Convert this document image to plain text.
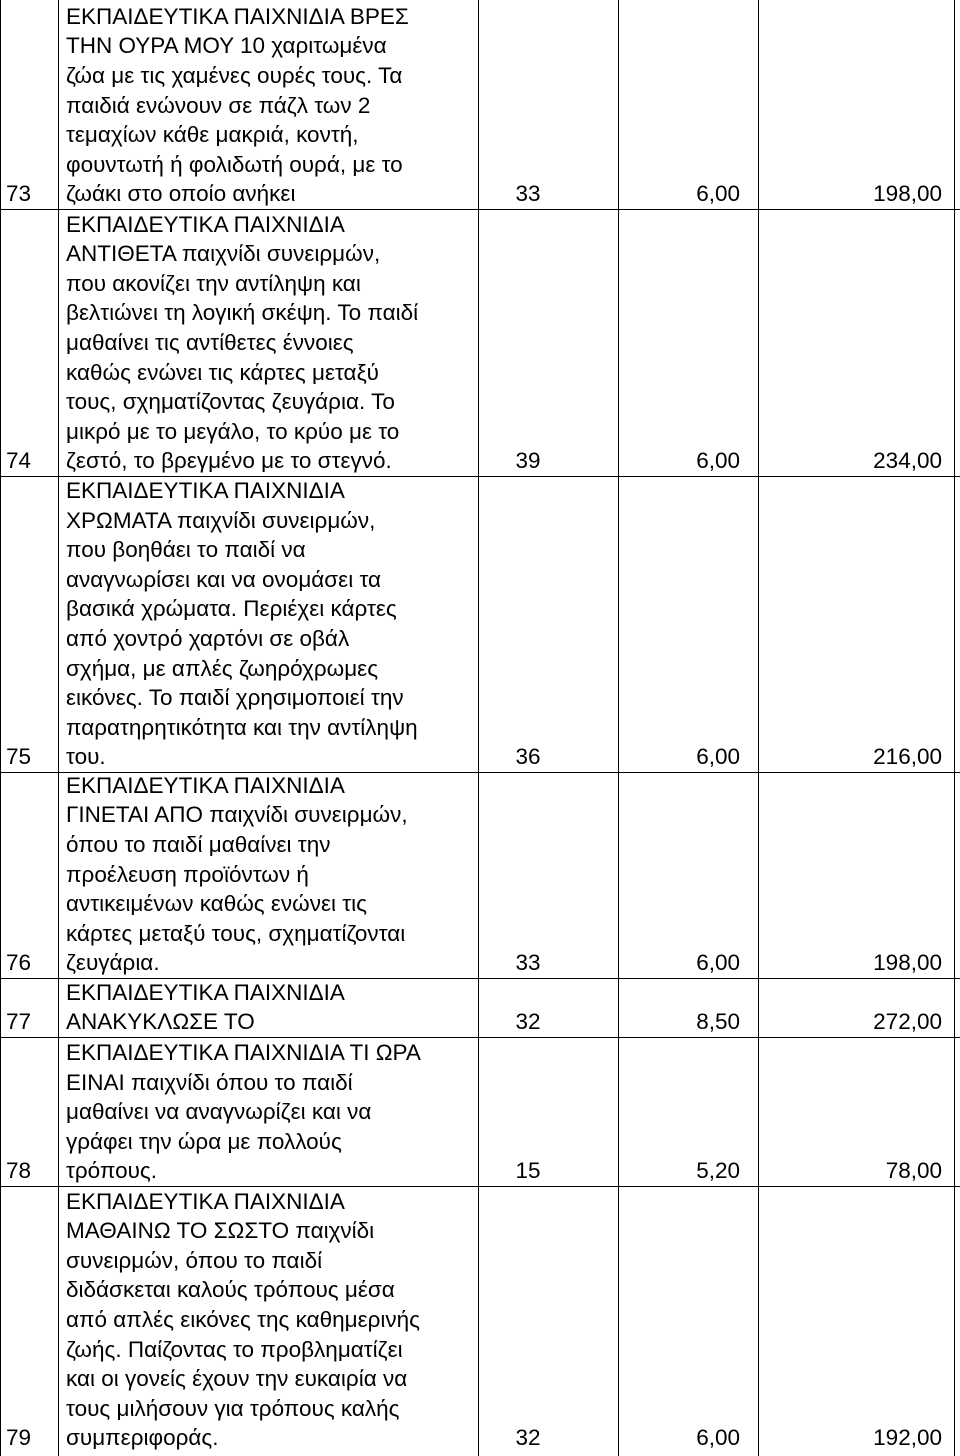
73
ΕΚΠΑΙΔΕΥΤΙΚΑ ΠΑΙΧΝΙΔΙΑ ΒΡΕΣ
ΤΗΝ ΟΥΡΑ ΜΟΥ 10 χαριτωμένα
ζώα με τις χαμένες ουρές τους. Τα
παιδιά ενώνουν σε πάζλ των 2
τεμαχίων κάθε μακριά, κοντή,
φουντωτή ή φολιδωτή ουρά, με το
ζωάκι στο οποίο ανήκει	33	6,00	198,00
74
ΕΚΠΑΙΔΕΥΤΙΚΑ ΠΑΙΧΝΙΔΙΑ
ΑΝΤΙΘΕΤΑ παιχνίδι συνειρμών,
που ακονίζει την αντίληψη και
βελτιώνει τη λογική σκέψη. Το παιδί
μαθαίνει τις αντίθετες έννοιες
καθώς ενώνει τις κάρτες μεταξύ
τους, σχηματίζοντας ζευγάρια. Το
μικρό με το μεγάλο, το κρύο με το
ζεστό, το βρεγμένο με το στεγνό.	39	6,00	234,00
75
ΕΚΠΑΙΔΕΥΤΙΚΑ ΠΑΙΧΝΙΔΙΑ
ΧΡΩΜΑΤΑ παιχνίδι συνειρμών,
που βοηθάει το παιδί να
αναγνωρίσει και να ονομάσει τα
βασικά χρώματα. Περιέχει κάρτες
από χοντρό χαρτόνι σε οβάλ
σχήμα, με απλές ζωηρόχρωμες
εικόνες. Το παιδί χρησιμοποιεί την
παρατηρητικότητα και την αντίληψη
του.	36	6,00	216,00
76
ΕΚΠΑΙΔΕΥΤΙΚΑ ΠΑΙΧΝΙΔΙΑ
ΓΙΝΕΤΑΙ ΑΠΟ παιχνίδι συνειρμών,
όπου το παιδί μαθαίνει την
προέλευση προϊόντων ή
αντικειμένων καθώς ενώνει τις
κάρτες μεταξύ τους, σχηματίζονται
ζευγάρια.	33	6,00	198,00
77
ΕΚΠΑΙΔΕΥΤΙΚΑ ΠΑΙΧΝΙΔΙΑ
ΑΝΑΚΥΚΛΩΣΕ ΤΟ	32	8,50	272,00
78
ΕΚΠΑΙΔΕΥΤΙΚΑ ΠΑΙΧΝΙΔΙΑ ΤΙ ΩΡΑ
ΕΙΝΑΙ παιχνίδι όπου το παιδί
μαθαίνει να αναγνωρίζει και να
γράφει την ώρα με πολλούς
τρόπους.	15	5,20	78,00
79
ΕΚΠΑΙΔΕΥΤΙΚΑ ΠΑΙΧΝΙΔΙΑ
ΜΑΘΑΙΝΩ ΤΟ ΣΩΣΤΟ παιχνίδι
συνειρμών, όπου το παιδί
διδάσκεται καλούς τρόπους μέσα
από απλές εικόνες της καθημερινής
ζωής. Παίζοντας το προβληματίζει
και οι γονείς έχουν την ευκαιρία να
τους μιλήσουν για τρόπους καλής
συμπεριφοράς.	32	6,00	192,00
